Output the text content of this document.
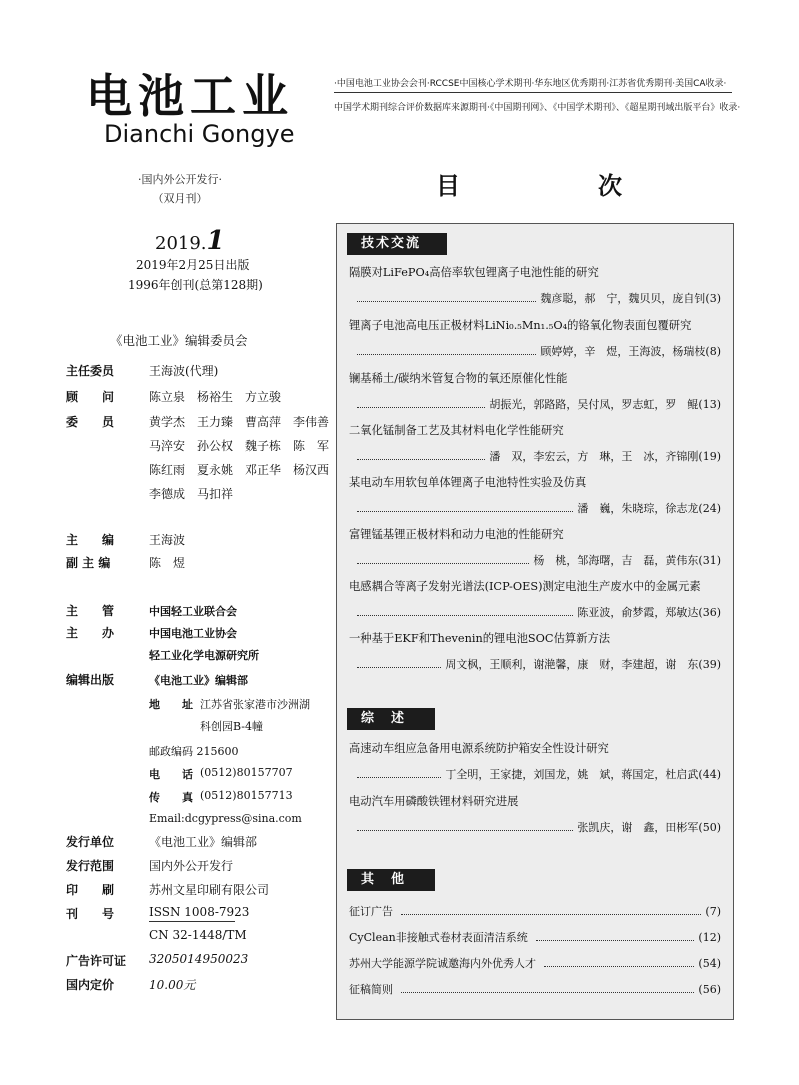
电池工业
Dianchi Gongye
·中国电池工业协会会刊·RCCSE中国核心学术期刊·华东地区优秀期刊·江苏省优秀期刊·美国CA收录·
中国学术期刊综合评价数据库来源期刊·《中国期刊网》、《中国学术期刊》、《超星期刊域出版平台》收录·
·国内外公开发行·
（双月刊）
2019.1
2019年2月25日出版
1996年创刊(总第128期)
《电池工业》编辑委员会
主任委员	王海波(代理)
顾　　问	陈立泉　杨裕生　方立骏
委　　员	黄学杰　王力臻　曹高萍　李伟善
马淬安　孙公权　魏子栋　陈　军
陈红雨　夏永姚　邓正华　杨汉西
李德成　马扣祥
主　　编	王海波
副 主 编	陈　煜
主　　管	中国轻工业联合会
主　　办	中国电池工业协会
轻工业化学电源研究所
编辑出版	《电池工业》编辑部
地　　址 江苏省张家港市沙洲湖
科创园B-4幢
邮政编码 215600
电　　话 (0512)80157707
传　　真 (0512)80157713
Email:dcgypress@sina.com
发行单位	《电池工业》编辑部
发行范围	国内外公开发行
印　　刷	苏州文星印刷有限公司
刊　　号	ISSN 1008-7923
CN 32-1448/TM
广告许可证 3205014950023
国内定价	10.00元
目	次
技术交流
隔膜对LiFePO₄高倍率软包锂离子电池性能的研究
魏彦聪，郝　宁，魏贝贝，庞自钊(3)
锂离子电池高电压正极材料LiNi₀.₅Mn₁.₅O₄的铬氧化物表面包覆研究
顾婷婷，辛　煜，王海波，杨瑞枝(8)
镧基稀土/碳纳米管复合物的氧还原催化性能
胡振光，郭路路，吴付凤，罗志虹，罗　鲲(13)
二氧化锰制备工艺及其材料电化学性能研究
潘　双，李宏云，方　琳，王　冰，齐锦刚(19)
某电动车用软包单体锂离子电池特性实验及仿真
潘　巍，朱晓琮，徐志龙(24)
富锂锰基锂正极材料和动力电池的性能研究
杨　桃，邹海曙，吉　磊，黄伟东(31)
电感耦合等离子发射光谱法(ICP-OES)测定电池生产废水中的金属元素
陈亚波，俞梦霞，郑敏达(36)
一种基于EKF和Thevenin的锂电池SOC估算新方法
周文枫，王顺利，谢滟馨，康　财，李建超，谢　东(39)
综　述
高速动车组应急备用电源系统防护箱安全性设计研究
丁全明，王家捷，刘国龙，姚　斌，蒋国定，杜启武(44)
电动汽车用磷酸铁锂材料研究进展
张凯庆，谢　鑫，田彬军(50)
其　他
征订广告	(7)
CyClean非接触式卷材表面清洁系统	(12)
苏州大学能源学院诚邀海内外优秀人才	(54)
征稿简则	(56)
